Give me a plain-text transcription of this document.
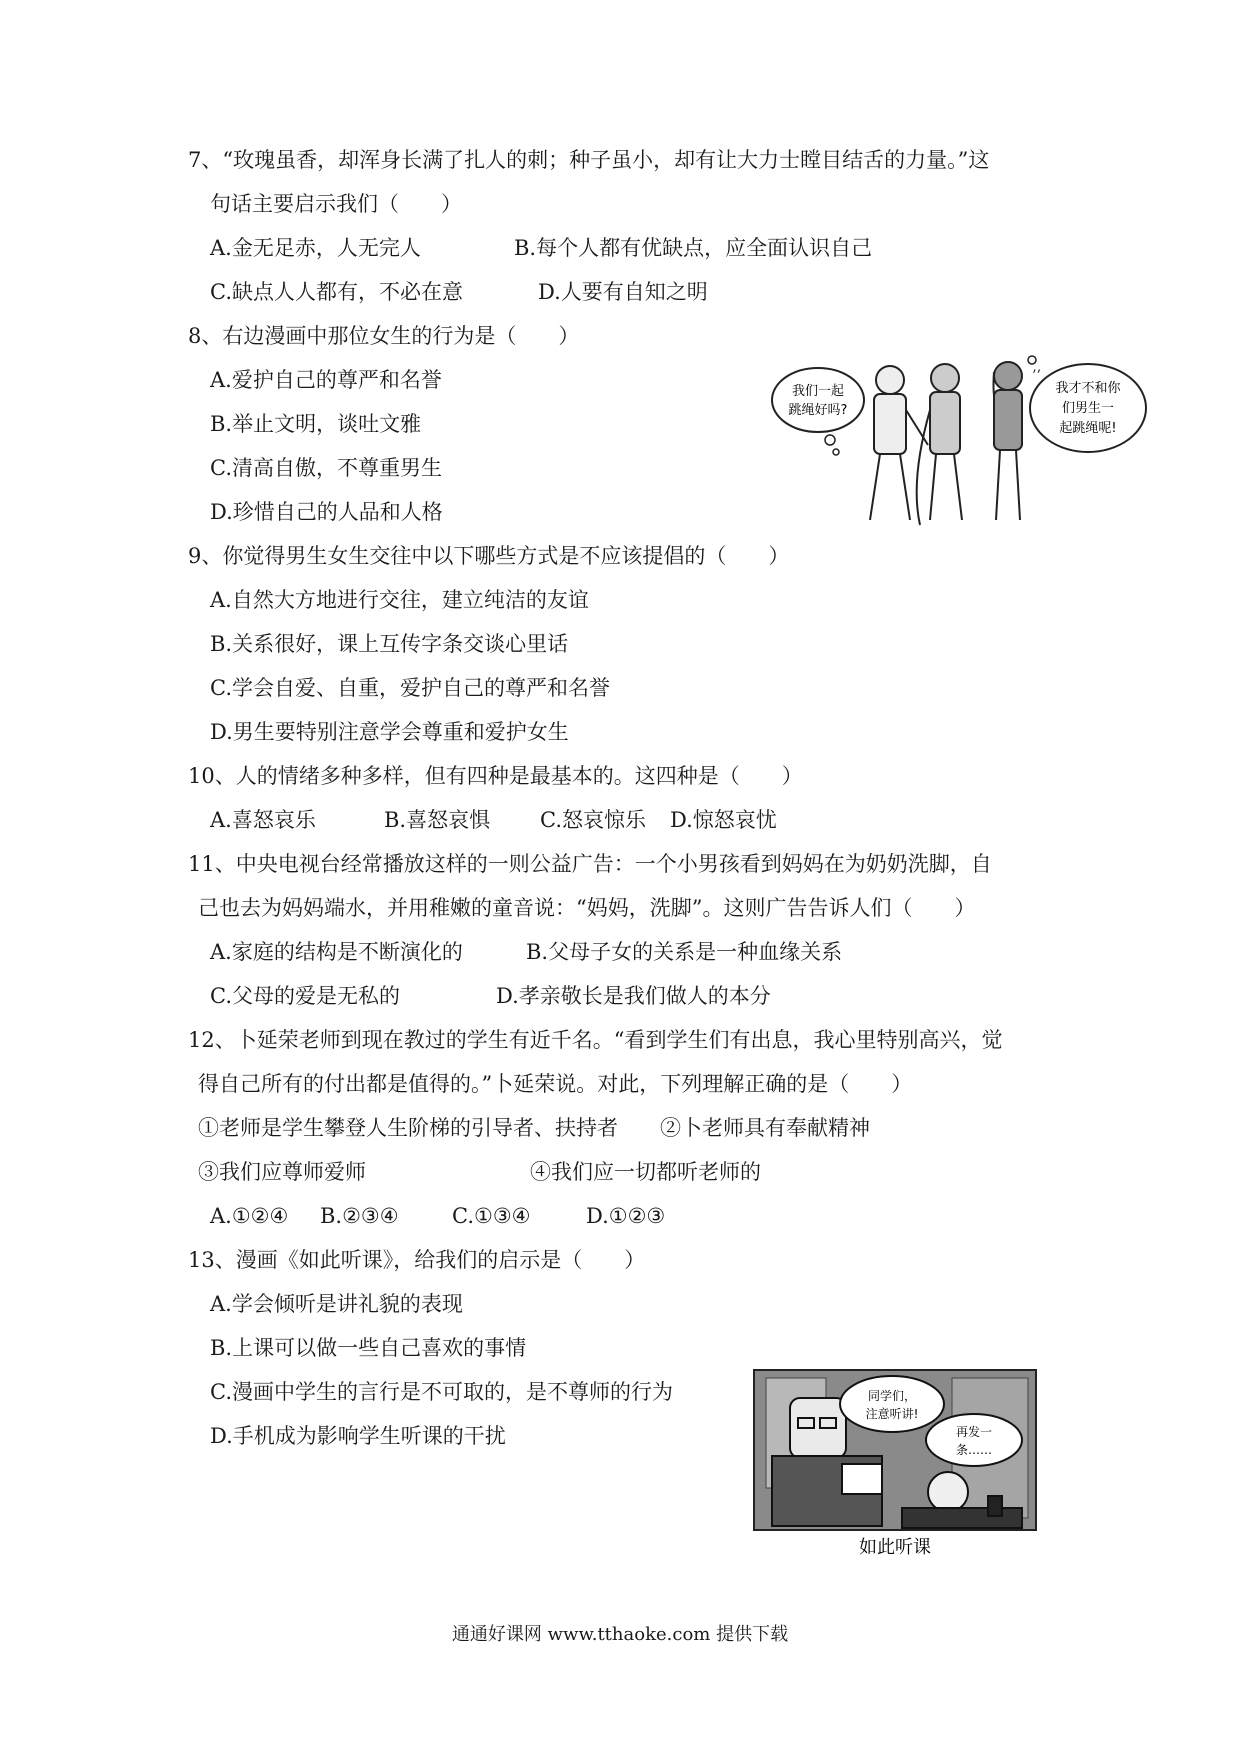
7、“玫瑰虽香，却浑身长满了扎人的刺；种子虽小，却有让大力士瞠目结舌的力量。”这
句话主要启示我们（　　）
A.金无足赤，人无完人	B.每个人都有优缺点，应全面认识自己
C.缺点人人都有，不必在意	D.人要有自知之明
8、右边漫画中那位女生的行为是（　　）
A.爱护自己的尊严和名誉
B.举止文明，谈吐文雅
C.清高自傲，不尊重男生
D.珍惜自己的人品和人格
我们一起
跳绳好吗?
’’
我才不和你
们男生一
起跳绳呢!
9、你觉得男生女生交往中以下哪些方式是不应该提倡的（　　）
A.自然大方地进行交往，建立纯洁的友谊
B.关系很好，课上互传字条交谈心里话
C.学会自爱、自重，爱护自己的尊严和名誉
D.男生要特别注意学会尊重和爱护女生
10、人的情绪多种多样，但有四种是最基本的。这四种是（　　）
A.喜怒哀乐	B.喜怒哀惧 C.怒哀惊乐 D.惊怒哀忧
11、中央电视台经常播放这样的一则公益广告：一个小男孩看到妈妈在为奶奶洗脚，自
己也去为妈妈端水，并用稚嫩的童音说：“妈妈，洗脚”。这则广告告诉人们（　　）
A.家庭的结构是不断演化的	B.父母子女的关系是一种血缘关系
C.父母的爱是无私的	D.孝亲敬长是我们做人的本分
12、卜延荣老师到现在教过的学生有近千名。“看到学生们有出息，我心里特别高兴，觉
得自己所有的付出都是值得的。”卜延荣说。对此，下列理解正确的是（　　）
①老师是学生攀登人生阶梯的引导者、扶持者 ②卜老师具有奉献精神
③我们应尊师爱师	④我们应一切都听老师的
A.①②④ B.②③④	C.①③④	D.①②③
13、漫画《如此听课》，给我们的启示是（　　）
A.学会倾听是讲礼貌的表现
B.上课可以做一些自己喜欢的事情
C.漫画中学生的言行是不可取的，是不尊师的行为
D.手机成为影响学生听课的干扰
同学们，
注意听讲!
再发一
条……
如此听课
通通好课网 www.tthaoke.com 提供下载
